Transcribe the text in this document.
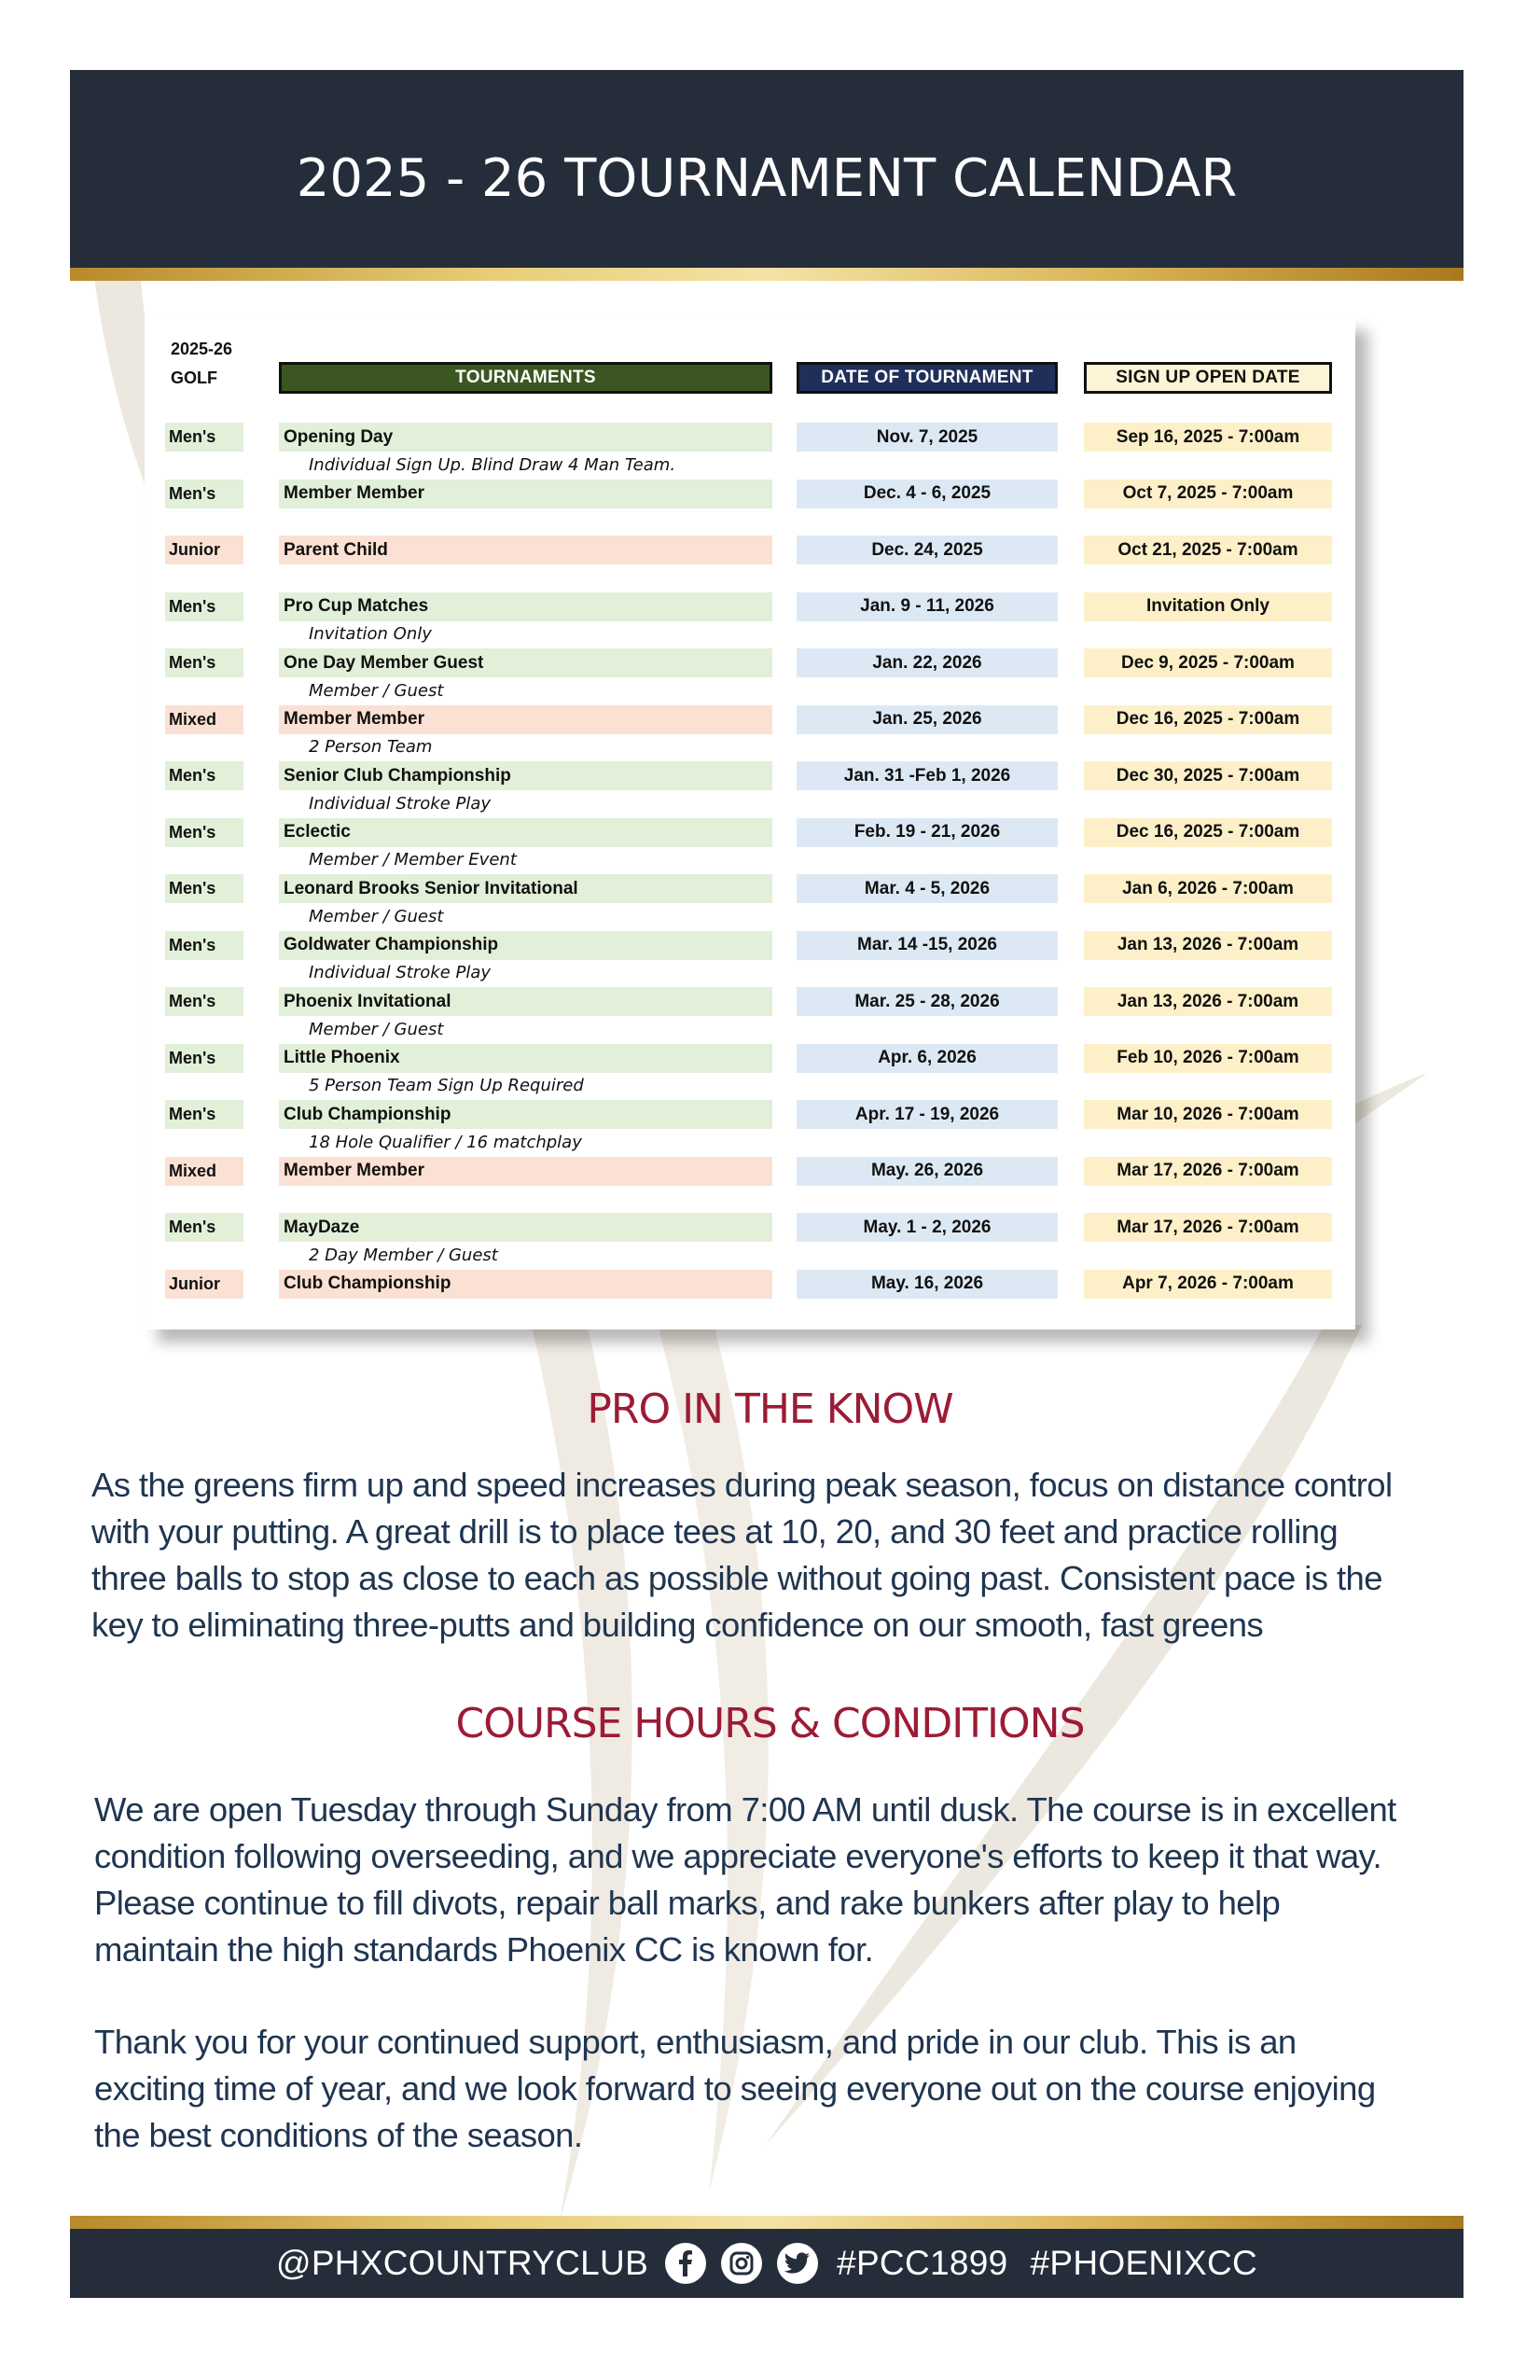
2025 - 26 TOURNAMENT CALENDAR
2025-26
GOLF	TOURNAMENTS	DATE OF TOURNAMENT	SIGN UP OPEN DATE
Men's	Opening Day	Nov. 7, 2025	Sep 16, 2025 - 7:00am
Individual Sign Up. Blind Draw 4 Man Team.
Men's	Member Member	Dec. 4 - 6, 2025	Oct 7, 2025 - 7:00am
Junior	Parent Child	Dec. 24, 2025	Oct 21, 2025 - 7:00am
Men's	Pro Cup Matches	Jan. 9 - 11, 2026	Invitation Only
Invitation Only
Men's	One Day Member Guest	Jan. 22, 2026	Dec 9, 2025 - 7:00am
Member / Guest
Mixed	Member Member	Jan. 25, 2026	Dec 16, 2025 - 7:00am
2 Person Team
Men's	Senior Club Championship	Jan. 31 -Feb 1, 2026	Dec 30, 2025 - 7:00am
Individual Stroke Play
Men's	Eclectic	Feb. 19 - 21, 2026	Dec 16, 2025 - 7:00am
Member / Member Event
Men's	Leonard Brooks Senior Invitational	Mar. 4 - 5, 2026	Jan 6, 2026 - 7:00am
Member / Guest
Men's	Goldwater Championship	Mar. 14 -15, 2026	Jan 13, 2026 - 7:00am
Individual Stroke Play
Men's	Phoenix Invitational	Mar. 25 - 28, 2026	Jan 13, 2026 - 7:00am
Member / Guest
Men's	Little Phoenix	Apr. 6, 2026	Feb 10, 2026 - 7:00am
5 Person Team Sign Up Required
Men's	Club Championship	Apr. 17 - 19, 2026	Mar 10, 2026 - 7:00am
18 Hole Qualifier / 16 matchplay
Mixed	Member Member	May. 26, 2026	Mar 17, 2026 - 7:00am
Men's	MayDaze	May. 1 - 2, 2026	Mar 17, 2026 - 7:00am
2 Day Member / Guest
Junior	Club Championship	May. 16, 2026	Apr 7, 2026 - 7:00am
PRO IN THE KNOW
As the greens firm up and speed increases during peak season, focus on distance control
with your putting. A great drill is to place tees at 10, 20, and 30 feet and practice rolling
three balls to stop as close to each as possible without going past. Consistent pace is the
key to eliminating three-putts and building confidence on our smooth, fast greens
COURSE HOURS & CONDITIONS
We are open Tuesday through Sunday from 7:00 AM until dusk. The course is in excellent
condition following overseeding, and we appreciate everyone's efforts to keep it that way.
Please continue to fill divots, repair ball marks, and rake bunkers after play to help
maintain the high standards Phoenix CC is known for.
Thank you for your continued support, enthusiasm, and pride in our club. This is an
exciting time of year, and we look forward to seeing everyone out on the course enjoying
the best conditions of the season.
@PHXCOUNTRYCLUB	#PCC1899 #PHOENIXCC
